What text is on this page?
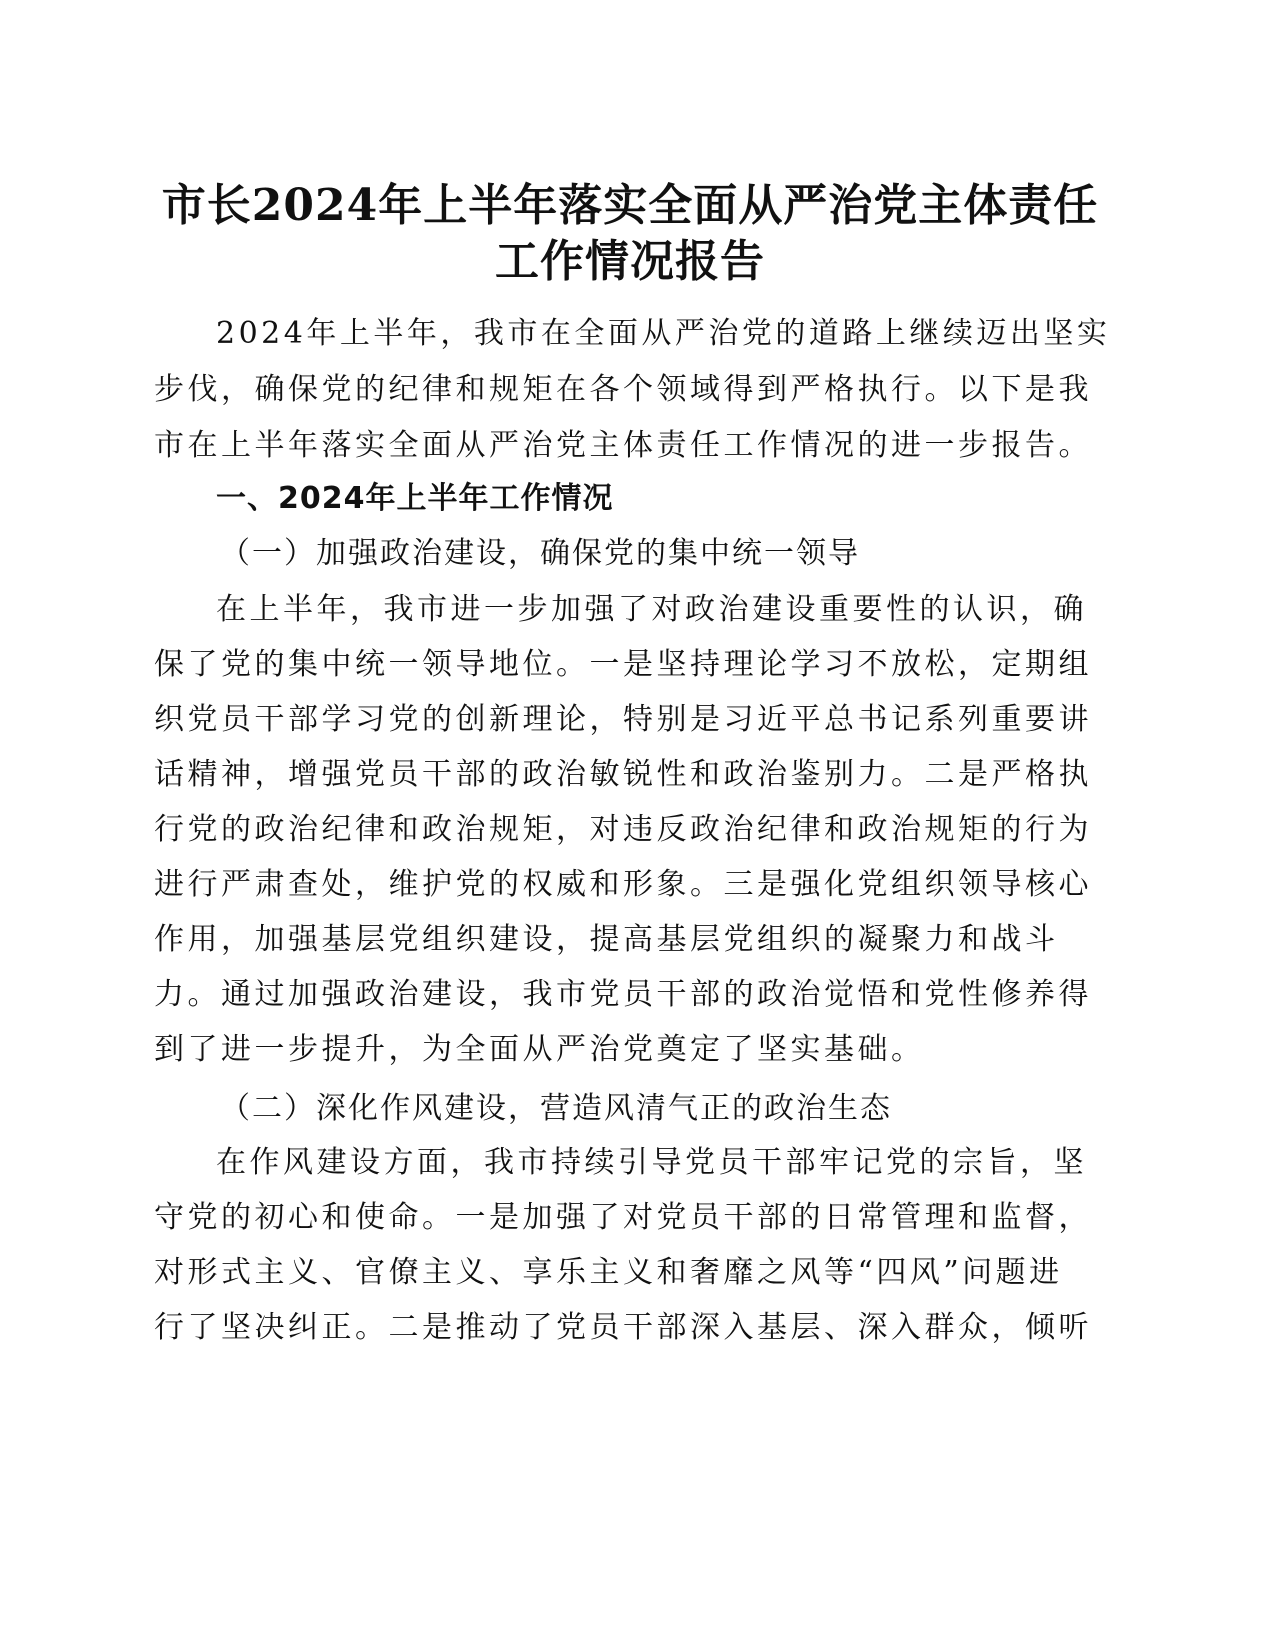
市长2024年上半年落实全面从严治党主体责任
工作情况报告

2024年上半年，我市在全面从严治党的道路上继续迈出坚实

步伐，确保党的纪律和规矩在各个领域得到严格执行。以下是我

市在上半年落实全面从严治党主体责任工作情况的进一步报告。

一、2024年上半年工作情况

（一）加强政治建设，确保党的集中统一领导

在上半年，我市进一步加强了对政治建设重要性的认识，确

保了党的集中统一领导地位。一是坚持理论学习不放松，定期组

织党员干部学习党的创新理论，特别是习近平总书记系列重要讲

话精神，增强党员干部的政治敏锐性和政治鉴别力。二是严格执

行党的政治纪律和政治规矩，对违反政治纪律和政治规矩的行为

进行严肃查处，维护党的权威和形象。三是强化党组织领导核心

作用，加强基层党组织建设，提高基层党组织的凝聚力和战斗

力。通过加强政治建设，我市党员干部的政治觉悟和党性修养得

到了进一步提升，为全面从严治党奠定了坚实基础。

（二）深化作风建设，营造风清气正的政治生态

在作风建设方面，我市持续引导党员干部牢记党的宗旨，坚

守党的初心和使命。一是加强了对党员干部的日常管理和监督，

对形式主义、官僚主义、享乐主义和奢靡之风等“四风”问题进

行了坚决纠正。二是推动了党员干部深入基层、深入群众，倾听
